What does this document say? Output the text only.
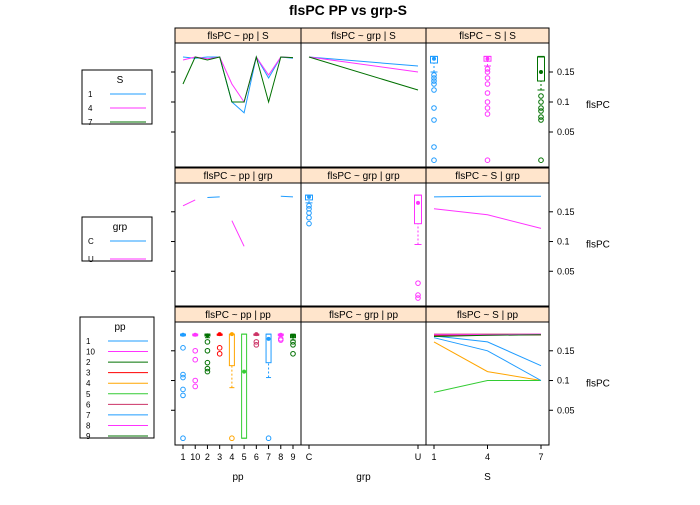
flsPC PP vs grp-S
flsPC ~ pp | S	flsPC ~ grp | S	flsPC ~ S | S
flsPC ~ pp | grp	flsPC ~ grp | grp	flsPC ~ S | grp
flsPC ~ pp | pp	flsPC ~ grp | pp	flsPC ~ S | pp
S
1
4
7
grp
C
U
pp
1
10
2
3
4
5
6
7
8
9
0.05
0.1
0.15
flsPC
0.05
0.1
0.15
flsPC
1 10 2 3 4 5 6 7 8 9 C	U 1	4	7
0.05
0.1
0.15
flsPC
pp	grp	S
